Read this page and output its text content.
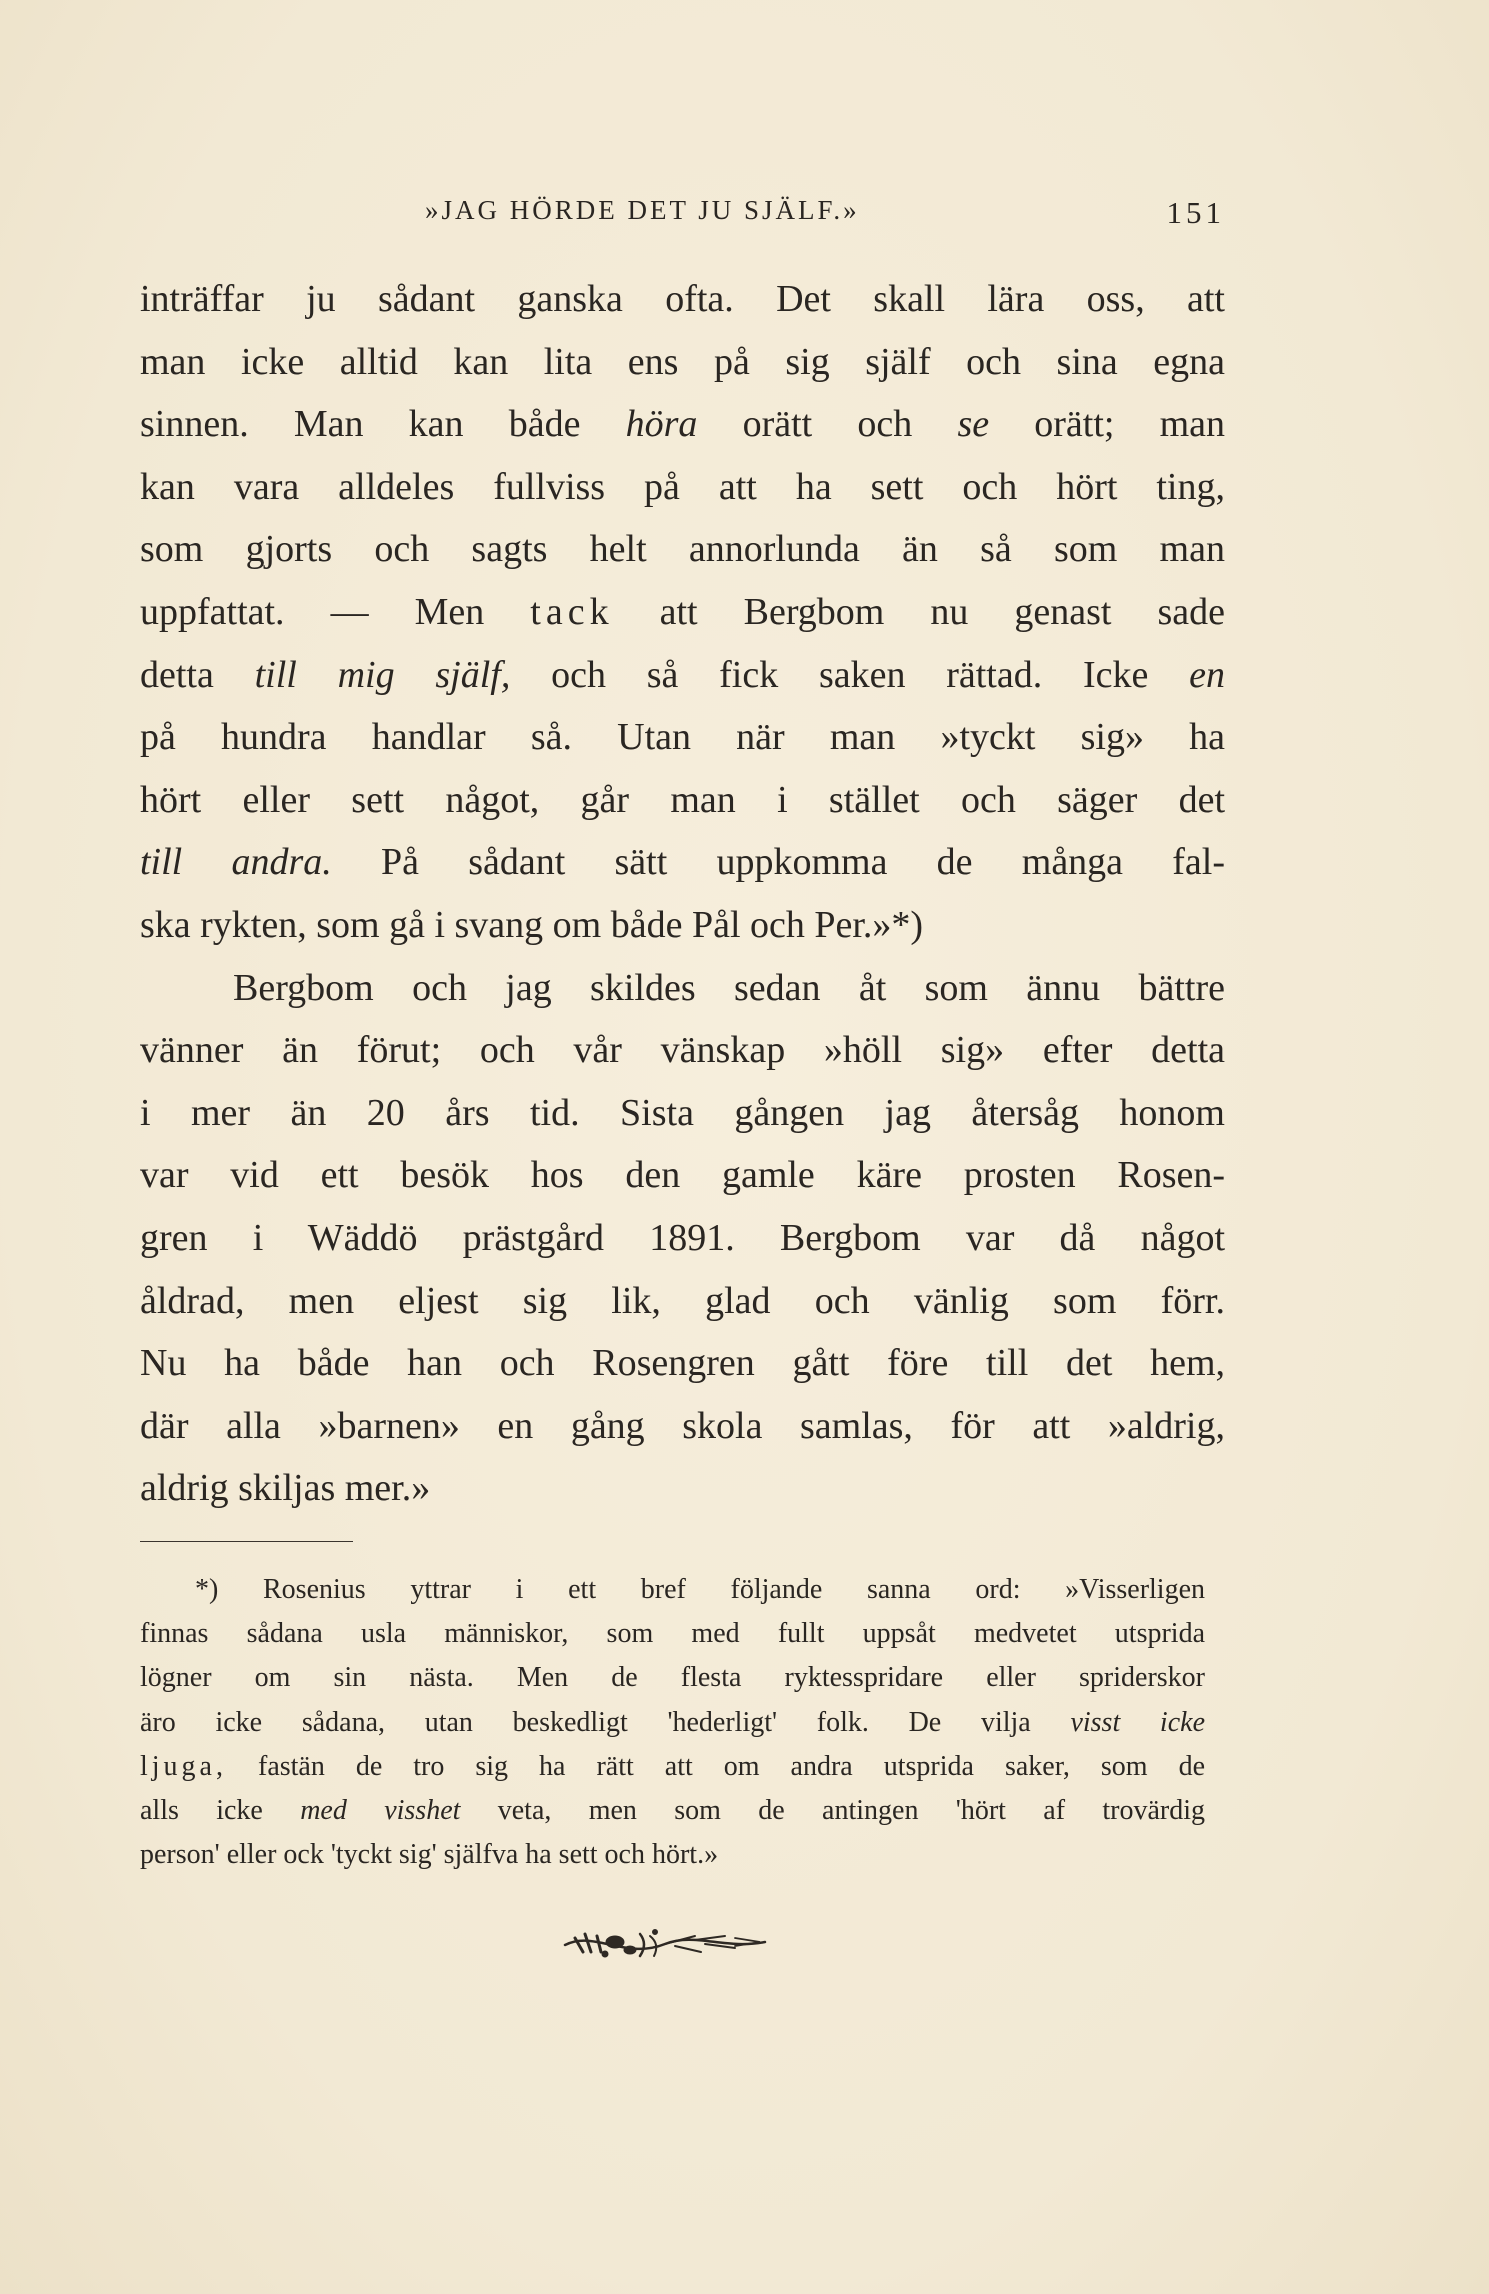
»JAG HÖRDE DET JU SJÄLF.»	151
inträffar ju sådant ganska ofta. Det skall lära oss, att
man icke alltid kan lita ens på sig själf och sina egna
sinnen. Man kan både höra orätt och se orätt; man
kan vara alldeles fullviss på att ha sett och hört ting,
som gjorts och sagts helt annorlunda än så som man
uppfattat. — Men tack att Bergbom nu genast sade
detta till mig själf, och så fick saken rättad. Icke en
på hundra handlar så. Utan när man »tyckt sig» ha
hört eller sett något, går man i stället och säger det
till andra. På sådant sätt uppkomma de många fal-
ska rykten, som gå i svang om både Pål och Per.»*)
Bergbom och jag skildes sedan åt som ännu bättre
vänner än förut; och vår vänskap »höll sig» efter detta
i mer än 20 års tid. Sista gången jag återsåg honom
var vid ett besök hos den gamle käre prosten Rosen-
gren i Wäddö prästgård 1891. Bergbom var då något
åldrad, men eljest sig lik, glad och vänlig som förr.
Nu ha både han och Rosengren gått före till det hem,
där alla »barnen» en gång skola samlas, för att »aldrig,
aldrig skiljas mer.»
*) Rosenius yttrar i ett bref följande sanna ord: »Visserligen
finnas sådana usla människor, som med fullt uppsåt medvetet utsprida
lögner om sin nästa. Men de flesta ryktesspridare eller spriderskor
äro icke sådana, utan beskedligt 'hederligt' folk. De vilja visst icke
ljuga, fastän de tro sig ha rätt att om andra utsprida saker, som de
alls icke med visshet veta, men som de antingen 'hört af trovärdig
person' eller ock 'tyckt sig' själfva ha sett och hört.»
